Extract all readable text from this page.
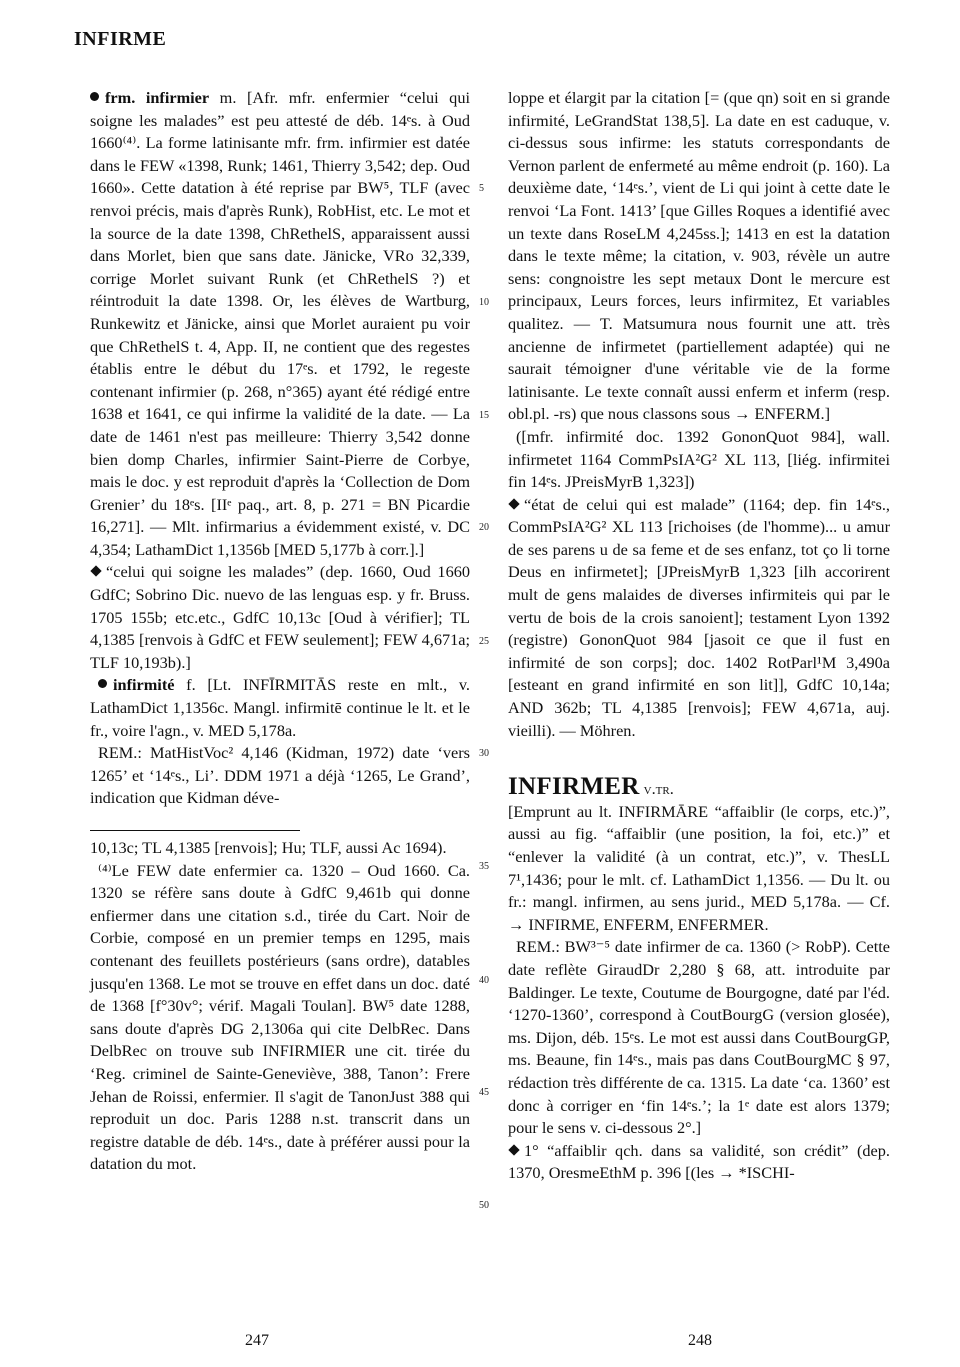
INFIRME

frm. infirmier m. [Afr. mfr. enfermier “celui qui soigne les malades” est peu attesté de déb. 14ᵉs. à Oud 1660⁽⁴⁾. La forme latinisante mfr. frm. infirmier est datée dans le FEW «1398, Runk; 1461, Thierry 3,542; dep. Oud 1660». Cette datation à été reprise par BW⁵, TLF (avec renvoi précis, mais d'après Runk), RobHist, etc. Le mot et la source de la date 1398, ChRethelS, apparaissent aussi dans Morlet, bien que sans date. Jänicke, VRo 32,339, corrige Morlet suivant Runk (et ChRethelS ?) et réintroduit la date 1398. Or, les élèves de Wartburg, Runkewitz et Jänicke, ainsi que Morlet auraient pu voir que ChRethelS t. 4, App. II, ne contient que des regestes établis entre le début du 17ᵉs. et 1792, le regeste contenant infirmier (p. 268, n°365) ayant été rédigé entre 1638 et 1641, ce qui infirme la validité de la date. — La date de 1461 n'est pas meilleure: Thierry 3,542 donne bien domp Charles, infirmier Saint-Pierre de Corbye, mais le doc. y est reproduit d'après la ‘Collection de Dom Grenier’ du 18ᵉs. [IIᵉ paq., art. 8, p. 271 = BN Picardie 16,271]. — Mlt. infirmarius a évidemment existé, v. DC 4,354; LathamDict 1,1356b [MED 5,177b à corr.].]

“celui qui soigne les malades” (dep. 1660, Oud 1660 GdfC; Sobrino Dic. nuevo de las lenguas esp. y fr. Bruss. 1705 155b; etc.etc., GdfC 10,13c [Oud à vérifier]; TL 4,1385 [renvois à GdfC et FEW seulement]; FEW 4,671a; TLF 10,193b).]

infirmité f. [Lt. INFĪRMITĀS reste en mlt., v. LathamDict 1,1356c. Mangl. infirmitē continue le lt. et le fr., voire l'agn., v. MED 5,178a.

REM.: MatHistVoc² 4,146 (Kidman, 1972) date ‘vers 1265’ et ‘14ᵉs., Li’. DDM 1971 a déjà ‘1265, Le Grand’, indication que Kidman déve-

10,13c; TL 4,1385 [renvois]; Hu; TLF, aussi Ac 1694).

⁽⁴⁾Le FEW date enfermier ca. 1320 – Oud 1660. Ca. 1320 se réfère sans doute à GdfC 9,461b qui donne enfiermer dans une citation s.d., tirée du Cart. Noir de Corbie, composé en un premier temps en 1295, mais contenant des feuillets postérieurs (sans ordre), datables jusqu'en 1368. Le mot se trouve en effet dans un doc. daté de 1368 [f°30v°; vérif. Magali Toulan]. BW⁵ date 1288, sans doute d'après DG 2,1306a qui cite DelbRec. Dans DelbRec on trouve sub INFIRMIER une cit. tirée du ‘Reg. criminel de Sainte-Geneviève, 388, Tanon’: Frere Jehan de Roissi, enfermier. Il s'agit de TanonJust 388 qui reproduit un doc. Paris 1288 n.st. transcrit dans un registre datable de déb. 14ᵉs., date à préférer aussi pour la datation du mot.

5
10
15
20
25
30
35
40
45
50

loppe et élargit par la citation [= (que qn) soit en si grande infirmité, LeGrandStat 138,5]. La date en est caduque, v. ci-dessus sous infirme: les statuts correspondants de Vernon parlent de enfermeté au même endroit (p. 160). La deuxième date, ‘14ᵉs.’, vient de Li qui joint à cette date le renvoi ‘La Font. 1413’ [que Gilles Roques a identifié avec un texte dans RoseLM 4,245ss.]; 1413 en est la datation dans le texte même; la citation, v. 903, révèle un autre sens: congnoistre les sept metaux Dont le mercure est principaux, Leurs forces, leurs infirmitez, Et variables qualitez. — T. Matsumura nous fournit une att. très ancienne de infirmetet (partiellement adaptée) qui ne saurait témoigner d'une véritable vie de la forme latinisante. Le texte connaît aussi enferm et inferm (resp. obl.pl. -rs) que nous classons sous → ENFERM.]

([mfr. infirmité doc. 1392 GononQuot 984], wall. infirmetet 1164 CommPsIA²G² XL 113, [liég. infirmitei fin 14ᵉs. JPreisMyrB 1,323])

“état de celui qui est malade” (1164; dep. fin 14ᵉs., CommPsIA²G² XL 113 [richoises (de l'homme)... u amur de ses parens u de sa feme et de ses enfanz, tot ço li torne Deus en infirmetet]; [JPreisMyrB 1,323 [ilh accorirent mult de gens malaides de diverses infirmiteis qui par le vertu de bois de la crois sanoient]; testament Lyon 1392 (registre) GononQuot 984 [jasoit ce que il fust en infirmité de son corps]; doc. 1402 RotParl¹M 3,490a [esteant en grand infirmité en son lit]], GdfC 10,14a; AND 362b; TL 4,1385 [renvois]; FEW 4,671a, auj. vieilli). — Möhren.

INFIRMER v.tr.

[Emprunt au lt. INFIRMĀRE “affaiblir (le corps, etc.)”, aussi au fig. “affaiblir (une position, la foi, etc.)” et “enlever la validité (à un contrat, etc.)”, v. ThesLL 7¹,1436; pour le mlt. cf. LathamDict 1,1356. — Du lt. ou fr.: mangl. infirmen, au sens jurid., MED 5,178a. — Cf. → INFIRME, ENFERM, ENFERMER.

REM.: BW³⁻⁵ date infirmer de ca. 1360 (> RobP). Cette date reflète GiraudDr 2,280 § 68, att. introduite par Baldinger. Le texte, Coutume de Bourgogne, daté par l'éd. ‘1270-1360’, correspond à CoutBourgG (version glosée), ms. Dijon, déb. 15ᵉs. Le mot est aussi dans CoutBourgGP, ms. Beaune, fin 14ᵉs., mais pas dans CoutBourgMC § 97, rédaction très différente de ca. 1315. La date ‘ca. 1360’ est donc à corriger en ‘fin 14ᵉs.’; la 1ᵉ date est alors 1379; pour le sens v. ci-dessous 2°.]

1° “affaiblir qch. dans sa validité, son crédit” (dep. 1370, OresmeEthM p. 396 [(les → *ISCHI-

247	248
